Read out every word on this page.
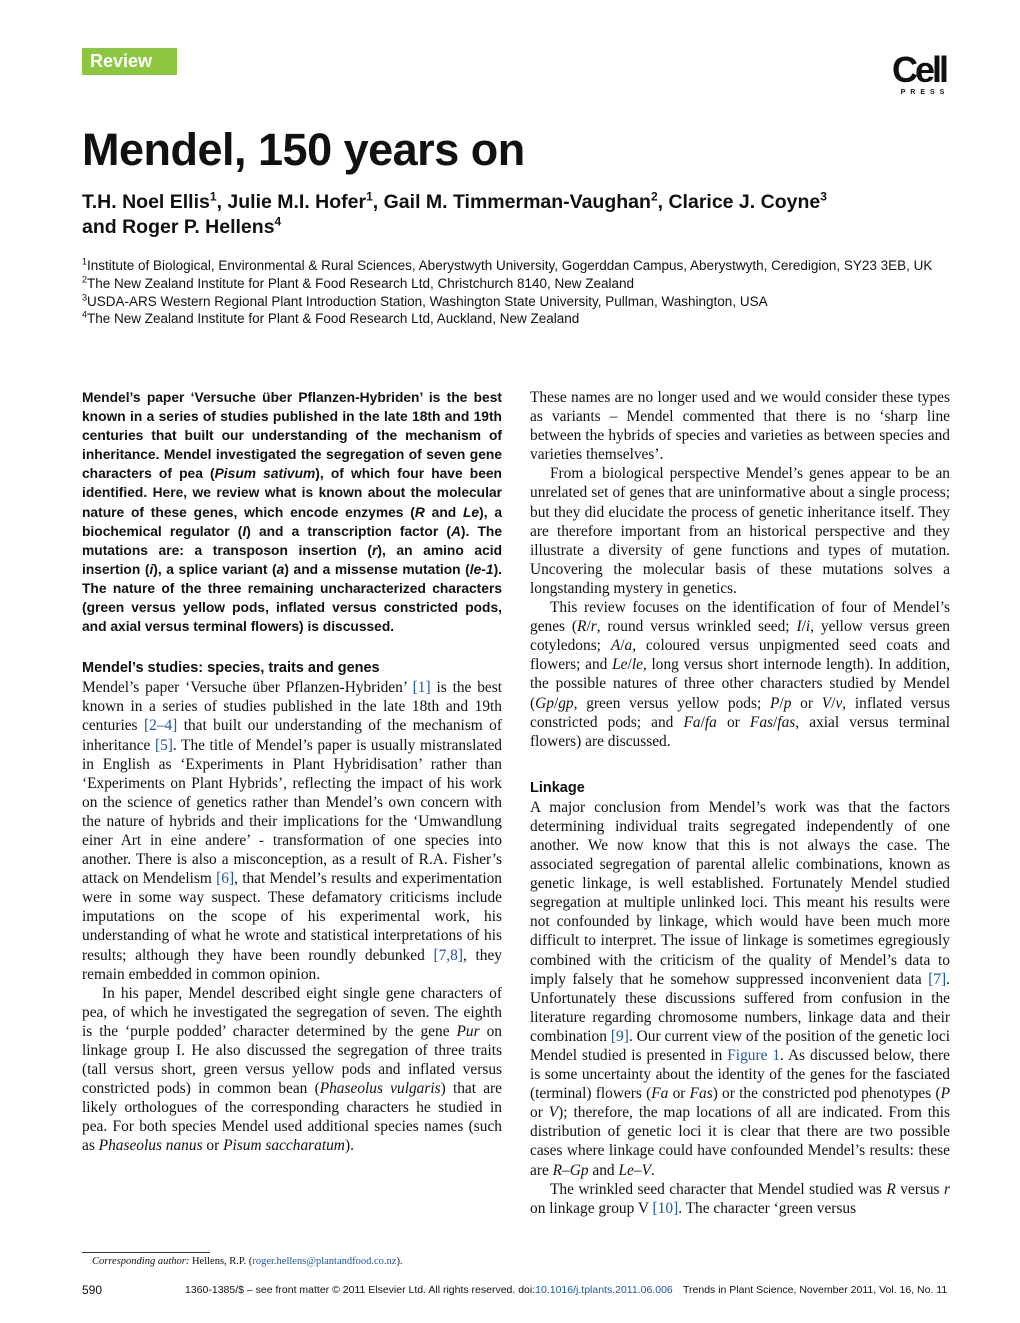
Review	Cell
PRESS
Mendel, 150 years on
T.H. Noel Ellis$^1$, Julie M.I. Hofer$^1$, Gail M. Timmerman-Vaughan$^2$, Clarice J. Coyne$^3$
and Roger P. Hellens$^4$
$^1$Institute of Biological, Environmental & Rural Sciences, Aberystwyth University, Gogerddan Campus, Aberystwyth, Ceredigion, SY23 3EB, UK
$^2$The New Zealand Institute for Plant & Food Research Ltd, Christchurch 8140, New Zealand
$^3$USDA-ARS Western Regional Plant Introduction Station, Washington State University, Pullman, Washington, USA
$^4$The New Zealand Institute for Plant & Food Research Ltd, Auckland, New Zealand

Mendel’s paper ‘Versuche über Pflanzen-Hybriden’ is the best known in a series of studies published in the late 18th and 19th centuries that built our understanding of the mechanism of inheritance. Mendel investigated the segregation of seven gene characters of pea (Pisum sativum), of which four have been identified. Here, we review what is known about the molecular nature of these genes, which encode enzymes (R and Le), a biochemical regulator (I) and a transcription factor (A). The mutations are: a transposon insertion (r), an amino acid insertion (i), a splice variant (a) and a missense mutation (le-1). The nature of the three remaining uncharacterized characters (green versus yellow pods, inflated versus constricted pods, and axial versus terminal flowers) is discussed.

Mendel’s studies: species, traits and genes

Mendel’s paper ‘Versuche über Pflanzen-Hybriden’ [1] is the best known in a series of studies published in the late 18th and 19th centuries [2–4] that built our understanding of the mechanism of inheritance [5]. The title of Mendel’s paper is usually mistranslated in English as ‘Experiments in Plant Hybridisation’ rather than ‘Experiments on Plant Hybrids’, reflecting the impact of his work on the science of genetics rather than Mendel’s own concern with the nature of hybrids and their implications for the ‘Umwandlung einer Art in eine andere’ - transformation of one species into another. There is also a misconception, as a result of R.A. Fisher’s attack on Mendelism [6], that Mendel’s results and experimentation were in some way suspect. These defamatory criticisms include imputations on the scope of his experimental work, his understanding of what he wrote and statistical interpretations of his results; although they have been roundly debunked [7,8], they remain embedded in common opinion.

In his paper, Mendel described eight single gene characters of pea, of which he investigated the segregation of seven. The eighth is the ‘purple podded’ character determined by the gene Pur on linkage group I. He also discussed the segregation of three traits (tall versus short, green versus yellow pods and inflated versus constricted pods) in common bean (Phaseolus vulgaris) that are likely orthologues of the corresponding characters he studied in pea. For both species Mendel used additional species names (such as Phaseolus nanus or Pisum saccharatum).

These names are no longer used and we would consider these types as variants – Mendel commented that there is no ‘sharp line between the hybrids of species and varieties as between species and varieties themselves’.

From a biological perspective Mendel’s genes appear to be an unrelated set of genes that are uninformative about a single process; but they did elucidate the process of genetic inheritance itself. They are therefore important from an historical perspective and they illustrate a diversity of gene functions and types of mutation. Uncovering the molecular basis of these mutations solves a longstanding mystery in genetics.

This review focuses on the identification of four of Mendel’s genes (R/r, round versus wrinkled seed; I/i, yellow versus green cotyledons; A/a, coloured versus unpigmented seed coats and flowers; and Le/le, long versus short internode length). In addition, the possible natures of three other characters studied by Mendel (Gp/gp, green versus yellow pods; P/p or V/v, inflated versus constricted pods; and Fa/fa or Fas/fas, axial versus terminal flowers) are discussed.

Linkage

A major conclusion from Mendel’s work was that the factors determining individual traits segregated independently of one another. We now know that this is not always the case. The associated segregation of parental allelic combinations, known as genetic linkage, is well established. Fortunately Mendel studied segregation at multiple unlinked loci. This meant his results were not confounded by linkage, which would have been much more difficult to interpret. The issue of linkage is sometimes egregiously combined with the criticism of the quality of Mendel’s data to imply falsely that he somehow suppressed inconvenient data [7]. Unfortunately these discussions suffered from confusion in the literature regarding chromosome numbers, linkage data and their combination [9]. Our current view of the position of the genetic loci Mendel studied is presented in Figure 1. As discussed below, there is some uncertainty about the identity of the genes for the fasciated (terminal) flowers (Fa or Fas) or the constricted pod phenotypes (P or V); therefore, the map locations of all are indicated. From this distribution of genetic loci it is clear that there are two possible cases where linkage could have confounded Mendel’s results: these are R–Gp and Le–V.

The wrinkled seed character that Mendel studied was R versus r on linkage group V [10]. The character ‘green versus

Corresponding author: Hellens, R.P. (roger.hellens@plantandfood.co.nz).
590	1360-1385/$ – see front matter © 2011 Elsevier Ltd. All rights reserved. doi:10.1016/j.tplants.2011.06.006 Trends in Plant Science, November 2011, Vol. 16, No. 11
